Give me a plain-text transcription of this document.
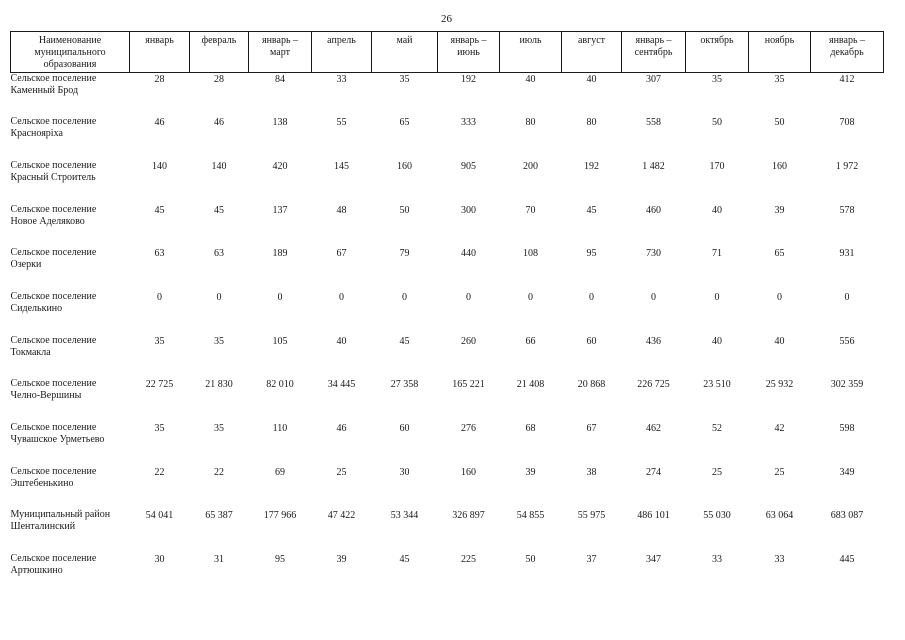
26
Наименование муниципального образования	январь	февраль	январь – март	апрель	май	январь – июнь	июль	август	январь – сентябрь	октябрь	ноябрь	январь – декабрь

Сельское поселение
Каменный Брод	28	28	84	33	35	192	40	40	307	35	35	412

Сельское поселение
Красноярiха	46	46	138	55	65	333	80	80	558	50	50	708

Сельское поселение
Красный Строитель	140	140	420	145	160	905	200	192	1 482	170	160	1 972

Сельское поселение
Новое Аделяково	45	45	137	48	50	300	70	45	460	40	39	578

Сельское поселение
Озерки	63	63	189	67	79	440	108	95	730	71	65	931

Сельское поселение
Сиделькино	0	0	0	0	0	0	0	0	0	0	0	0

Сельское поселение
Токмакла	35	35	105	40	45	260	66	60	436	40	40	556

Сельское поселение
Челно-Вершины	22 725	21 830	82 010	34 445	27 358	165 221	21 408	20 868	226 725	23 510	25 932	302 359

Сельское поселение
Чувашское Урметьево	35	35	110	46	60	276	68	67	462	52	42	598

Сельское поселение
Эштебенькино	22	22	69	25	30	160	39	38	274	25	25	349

Муниципальный район
Шенталинский	54 041	65 387	177 966	47 422	53 344	326 897	54 855	55 975	486 101	55 030	63 064	683 087

Сельское поселение
Артюшкино	30	31	95	39	45	225	50	37	347	33	33	445
